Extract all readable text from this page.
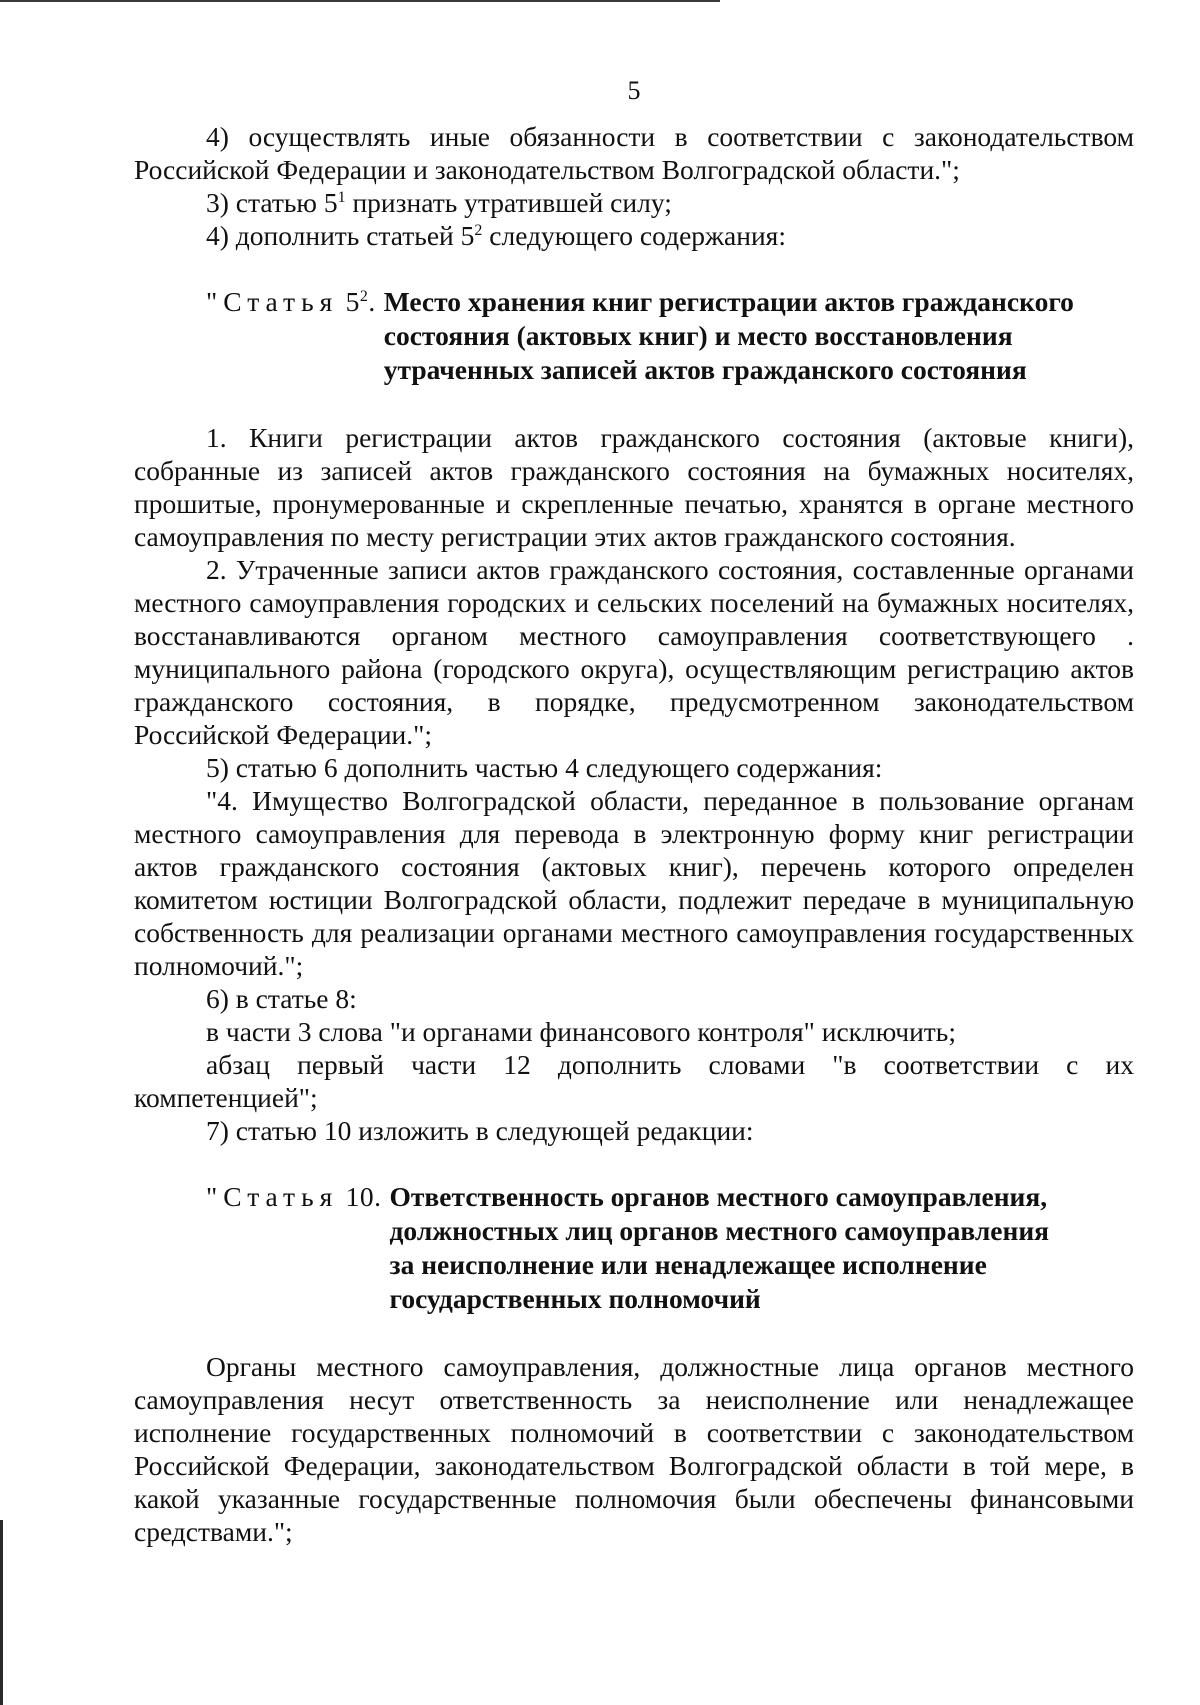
5

4) осуществлять иные обязанности в соответствии с законодательством Российской Федерации и законодательством Волгоградской области.";

3) статью $5^1$ признать утратившей силу;

4) дополнить статьей $5^2$ следующего содержания:

"Статья $5^2$. Место хранения книг регистрации актов гражданского
состояния (актовых книг) и место восстановления
утраченных записей актов гражданского состояния

1. Книги регистрации актов гражданского состояния (актовые книги), собранные из записей актов гражданского состояния на бумажных носителях, прошитые, пронумерованные и скрепленные печатью, хранятся в органе местного самоуправления по месту регистрации этих актов гражданского состояния.

2. Утраченные записи актов гражданского состояния, составленные органами местного самоуправления городских и сельских поселений на бумажных носителях, восстанавливаются органом местного самоуправления соответствующего . муниципального района (городского округа), осуществляющим регистрацию актов гражданского состояния, в порядке, предусмотренном законодательством Российской Федерации.";

5) статью 6 дополнить частью 4 следующего содержания:

"4. Имущество Волгоградской области, переданное в пользование органам местного самоуправления для перевода в электронную форму книг регистрации актов гражданского состояния (актовых книг), перечень которого определен комитетом юстиции Волгоградской области, подлежит передаче в муниципальную собственность для реализации органами местного самоуправления государственных полномочий.";

6) в статье 8:

в части 3 слова "и органами финансового контроля" исключить;

абзац первый части 12 дополнить словами "в соответствии с их компетенцией";

7) статью 10 изложить в следующей редакции:

"Статья 10. Ответственность органов местного самоуправления,
должностных лиц органов местного самоуправления
за неисполнение или ненадлежащее исполнение
государственных полномочий

Органы местного самоуправления, должностные лица органов местного самоуправления несут ответственность за неисполнение или ненадлежащее исполнение государственных полномочий в соответствии с законодательством Российской Федерации, законодательством Волгоградской области в той мере, в какой указанные государственные полномочия были обеспечены финансовыми средствами.";
